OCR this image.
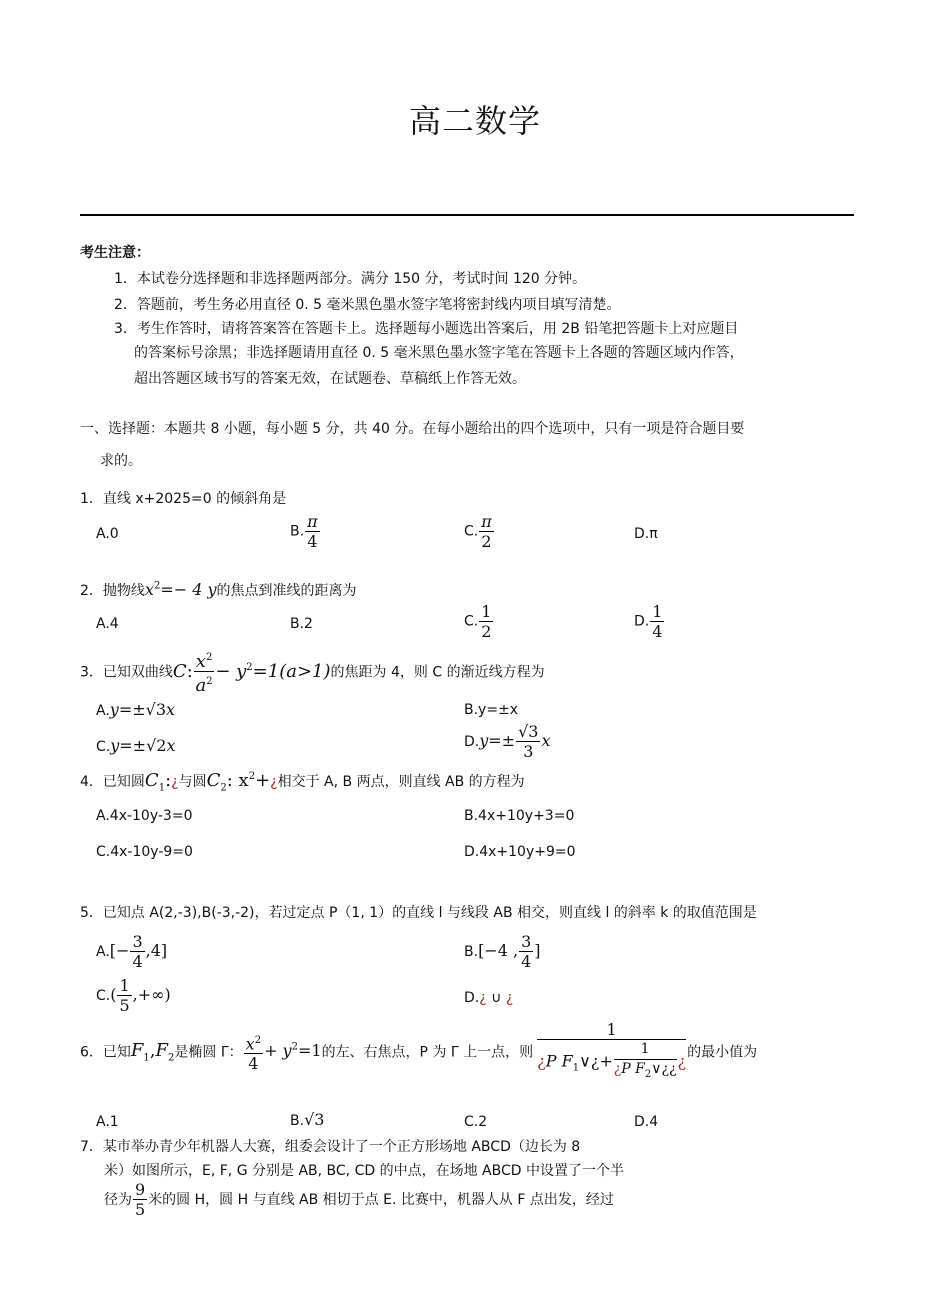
高二数学
考生注意：
1．本试卷分选择题和非选择题两部分。满分 150 分，考试时间 120 分钟。
2．答题前，考生务必用直径 0. 5 毫米黑色墨水签字笔将密封线内项目填写清楚。
3．考生作答时，请将答案答在答题卡上。选择题每小题选出答案后，用 2B 铅笔把答题卡上对应题目
的答案标号涂黑；非选择题请用直径 0. 5 毫米黑色墨水签字笔在答题卡上各题的答题区域内作答，
超出答题区域书写的答案无效，在试题卷、草稿纸上作答无效。
一、选择题：本题共 8 小题，每小题 5 分，共 40 分。在每小题给出的四个选项中，只有一项是符合题目要
求的。
1．直线 x+2025=0 的倾斜角是
A.0	B. $\frac{\pi}{4}$	C. $\frac{\pi}{2}$	D.π
2．抛物线$x^2=- 4$ y的焦点到准线的距离为
A.4	B.2	C. $\frac{1}{2}$	D. $\frac{1}{4}$
3．已知双曲线C: $\frac{x^2}{a^2} - y^2=1(a>1)$的焦距为 4，则 C 的渐近线方程为
A.y=±√3x	B.y=±x
C.y=±√2x	$D.y=\pm \frac{√3}{3}$ x
4．已知圆$C_1:¿$与圆$C_2$: $x^2+¿$相交于 A, B 两点，则直线 AB 的方程为
A.4x-10y-3=0	B.4x+10y+3=0
C.4x-10y-9=0	D.4x+10y+9=0
5．已知点 A(2,-3),B(-3,-2)，若过定点 P（1, 1）的直线 l 与线段 AB 相交，则直线 l 的斜率 k 的取值范围是
$A.[- \frac{3}{4} ,4]$	B.[−4 , $\frac{3}{4}$ ]
$C.( \frac{1}{5}$ ,+∞)	D.¿ ∪ ¿
6．已知$F_1,F_2$是椭圆 Γ： $\frac{x^2}{4} + y^2=1$的左、右焦点，P 为 Γ 上一点，则 $\frac{1}{¿P F_1\vee¿+ \frac{1}{¿P F_2\vee¿¿} ¿}$ 的最小值为
A.1	B.√3	C.2	D.4
7．某市举办青少年机器人大赛，组委会设计了一个正方形场地 ABCD（边长为 8
米）如图所示，E, F, G 分别是 AB, BC, CD 的中点，在场地 ABCD 中设置了一个半
径为 $\frac{9}{5}$ 米的圆 H，圆 H 与直线 AB 相切于点 E. 比赛中，机器人从 F 点出发，经过
